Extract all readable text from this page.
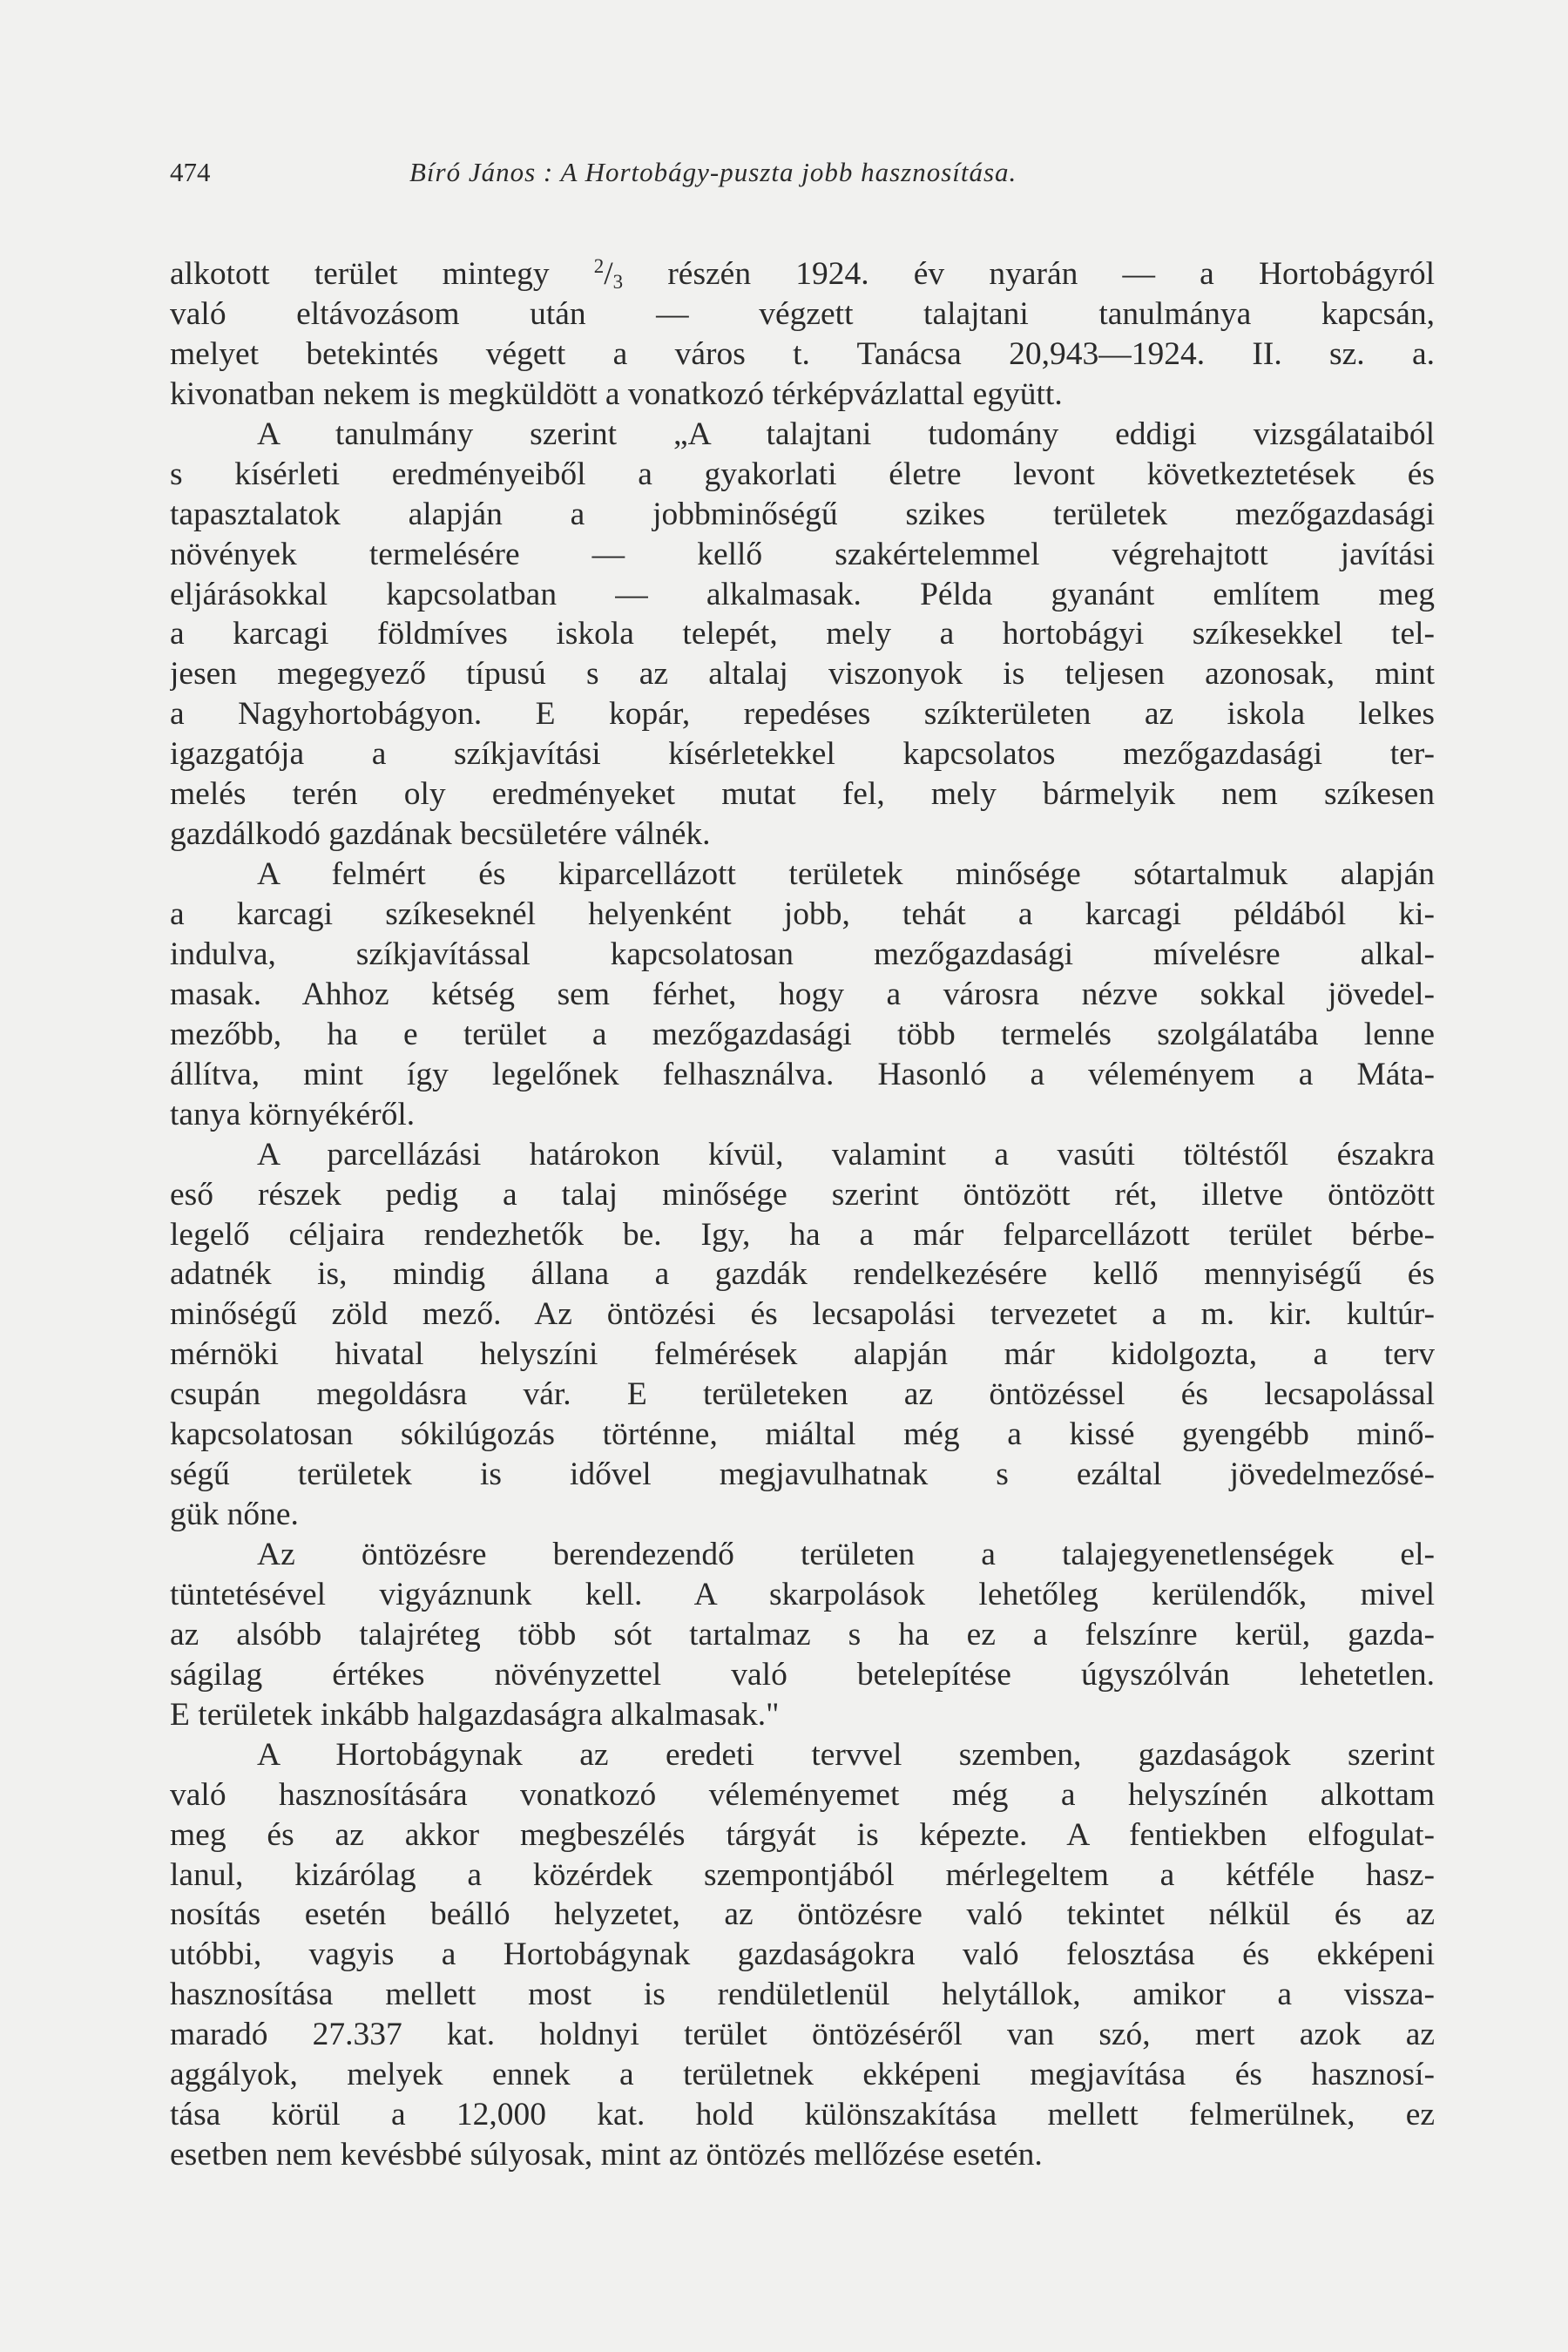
474	Bíró János : A Hortobágy-puszta jobb hasznosítása.
alkotott terület mintegy $^2/_3$ részén 1924. év nyarán — a Hortobágyról
való eltávozásom után — végzett talajtani tanulmánya kapcsán,
melyet betekintés végett a város t. Tanácsa 20,943—1924. II. sz. a.
kivonatban nekem is megküldött a vonatkozó térképvázlattal együtt.
A tanulmány szerint „A talajtani tudomány eddigi vizsgálataiból
s kísérleti eredményeiből a gyakorlati életre levont következtetések és
tapasztalatok alapján a jobbminőségű szikes területek mezőgazdasági
növények termelésére — kellő szakértelemmel végrehajtott javítási
eljárásokkal kapcsolatban — alkalmasak. Példa gyanánt említem meg
a karcagi földmíves iskola telepét, mely a hortobágyi szíkesekkel tel-
jesen megegyező típusú s az altalaj viszonyok is teljesen azonosak, mint
a Nagyhortobágyon. E kopár, repedéses szíkterületen az iskola lelkes
igazgatója a szíkjavítási kísérletekkel kapcsolatos mezőgazdasági ter-
melés terén oly eredményeket mutat fel, mely bármelyik nem szíkesen
gazdálkodó gazdának becsületére válnék.
A felmért és kiparcellázott területek minősége sótartalmuk alapján
a karcagi szíkeseknél helyenként jobb, tehát a karcagi példából ki-
indulva, szíkjavítással kapcsolatosan mezőgazdasági mívelésre alkal-
masak. Ahhoz kétség sem férhet, hogy a városra nézve sokkal jövedel-
mezőbb, ha e terület a mezőgazdasági több termelés szolgálatába lenne
állítva, mint így legelőnek felhasználva. Hasonló a véleményem a Máta-
tanya környékéről.
A parcellázási határokon kívül, valamint a vasúti töltéstől északra
eső részek pedig a talaj minősége szerint öntözött rét, illetve öntözött
legelő céljaira rendezhetők be. Igy, ha a már felparcellázott terület bérbe-
adatnék is, mindig állana a gazdák rendelkezésére kellő mennyiségű és
minőségű zöld mező. Az öntözési és lecsapolási tervezetet a m. kir. kultúr-
mérnöki hivatal helyszíni felmérések alapján már kidolgozta, a terv
csupán megoldásra vár. E területeken az öntözéssel és lecsapolással
kapcsolatosan sókilúgozás történne, miáltal még a kissé gyengébb minő-
ségű területek is idővel megjavulhatnak s ezáltal jövedelmezősé-
gük nőne.
Az öntözésre berendezendő területen a talajegyenetlenségek el-
tüntetésével vigyáznunk kell. A skarpolások lehetőleg kerülendők, mivel
az alsóbb talajréteg több sót tartalmaz s ha ez a felszínre kerül, gazda-
ságilag értékes növényzettel való betelepítése úgyszólván lehetetlen.
E területek inkább halgazdaságra alkalmasak."
A Hortobágynak az eredeti tervvel szemben, gazdaságok szerint
való hasznosítására vonatkozó véleményemet még a helyszínén alkottam
meg és az akkor megbeszélés tárgyát is képezte. A fentiekben elfogulat-
lanul, kizárólag a közérdek szempontjából mérlegeltem a kétféle hasz-
nosítás esetén beálló helyzetet, az öntözésre való tekintet nélkül és az
utóbbi, vagyis a Hortobágynak gazdaságokra való felosztása és ekképeni
hasznosítása mellett most is rendületlenül helytállok, amikor a vissza-
maradó 27.337 kat. holdnyi terület öntözéséről van szó, mert azok az
aggályok, melyek ennek a területnek ekképeni megjavítása és hasznosí-
tása körül a 12,000 kat. hold különszakítása mellett felmerülnek, ez
esetben nem kevésbbé súlyosak, mint az öntözés mellőzése esetén.
